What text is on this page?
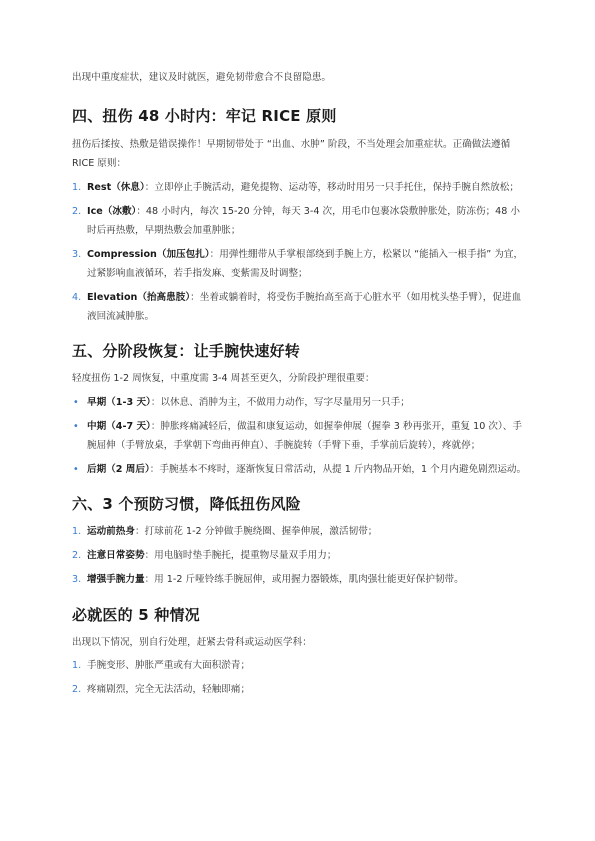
出现中重度症状，建议及时就医，避免韧带愈合不良留隐患。

四、扭伤 48 小时内：牢记 RICE 原则

扭伤后揉按、热敷是错误操作！早期韧带处于 “出血、水肿” 阶段，不当处理会加重症状。正确做法遵循 RICE 原则：

1. Rest（休息）：立即停止手腕活动，避免提物、运动等，移动时用另一只手托住，保持手腕自然放松；
2. Ice（冰敷）：48 小时内，每次 15-20 分钟，每天 3-4 次，用毛巾包裹冰袋敷肿胀处，防冻伤；48 小时后再热敷，早期热敷会加重肿胀；
3. Compression（加压包扎）：用弹性绷带从手掌根部绕到手腕上方，松紧以 “能插入一根手指” 为宜，过紧影响血液循环，若手指发麻、变紫需及时调整；
4. Elevation（抬高患肢）：坐着或躺着时，将受伤手腕抬高至高于心脏水平（如用枕头垫手臂），促进血液回流减肿胀。
五、分阶段恢复：让手腕快速好转

轻度扭伤 1-2 周恢复，中重度需 3-4 周甚至更久，分阶段护理很重要：

• 早期（1-3 天）：以休息、消肿为主，不做用力动作，写字尽量用另一只手；
• 中期（4-7 天）：肿胀疼痛减轻后，做温和康复运动，如握拳伸展（握拳 3 秒再张开，重复 10 次）、手腕屈伸（手臂放桌，手掌朝下弯曲再伸直）、手腕旋转（手臂下垂，手掌前后旋转），疼就停；
• 后期（2 周后）：手腕基本不疼时，逐渐恢复日常活动，从提 1 斤内物品开始，1 个月内避免剧烈运动。
六、3 个预防习惯，降低扭伤风险
1. 运动前热身：打球前花 1-2 分钟做手腕绕圈、握拳伸展，激活韧带；
2. 注意日常姿势：用电脑时垫手腕托，提重物尽量双手用力；
3. 增强手腕力量：用 1-2 斤哑铃练手腕屈伸，或用握力器锻炼，肌肉强壮能更好保护韧带。
必就医的 5 种情况

出现以下情况，别自行处理，赶紧去骨科或运动医学科：

1. 手腕变形、肿胀严重或有大面积淤青；
2. 疼痛剧烈，完全无法活动，轻触即痛；
